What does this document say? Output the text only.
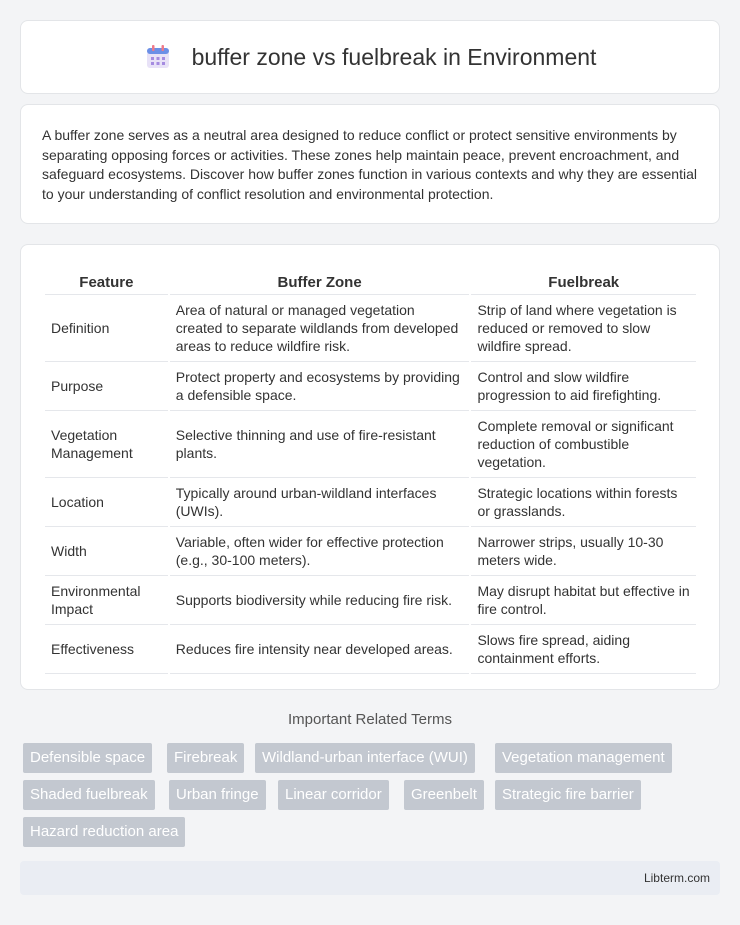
buffer zone vs fuelbreak in Environment

A buffer zone serves as a neutral area designed to reduce conflict or protect sensitive environments by separating opposing forces or activities. These zones help maintain peace, prevent encroachment, and safeguard ecosystems. Discover how buffer zones function in various contexts and why they are essential to your understanding of conflict resolution and environmental protection.

Feature	Buffer Zone	Fuelbreak
Definition	Area of natural or managed vegetation created to separate wildlands from developed areas to reduce wildfire risk.	Strip of land where vegetation is reduced or removed to slow wildfire spread.
Purpose	Protect property and ecosystems by providing a defensible space.	Control and slow wildfire progression to aid firefighting.
Vegetation Management	Selective thinning and use of fire-resistant plants.	Complete removal or significant reduction of combustible vegetation.
Location	Typically around urban-wildland interfaces (UWIs).	Strategic locations within forests or grasslands.
Width	Variable, often wider for effective protection (e.g., 30-100 meters).	Narrower strips, usually 10-30 meters wide.
Environmental Impact	Supports biodiversity while reducing fire risk.	May disrupt habitat but effective in fire control.
Effectiveness	Reduces fire intensity near developed areas.	Slows fire spread, aiding containment efforts.
Important Related Terms
Defensible space	Firebreak	Wildland-urban interface (WUI)	Vegetation management
Shaded fuelbreak	Urban fringe	Linear corridor	Greenbelt	Strategic fire barrier
Hazard reduction area
Libterm.com
